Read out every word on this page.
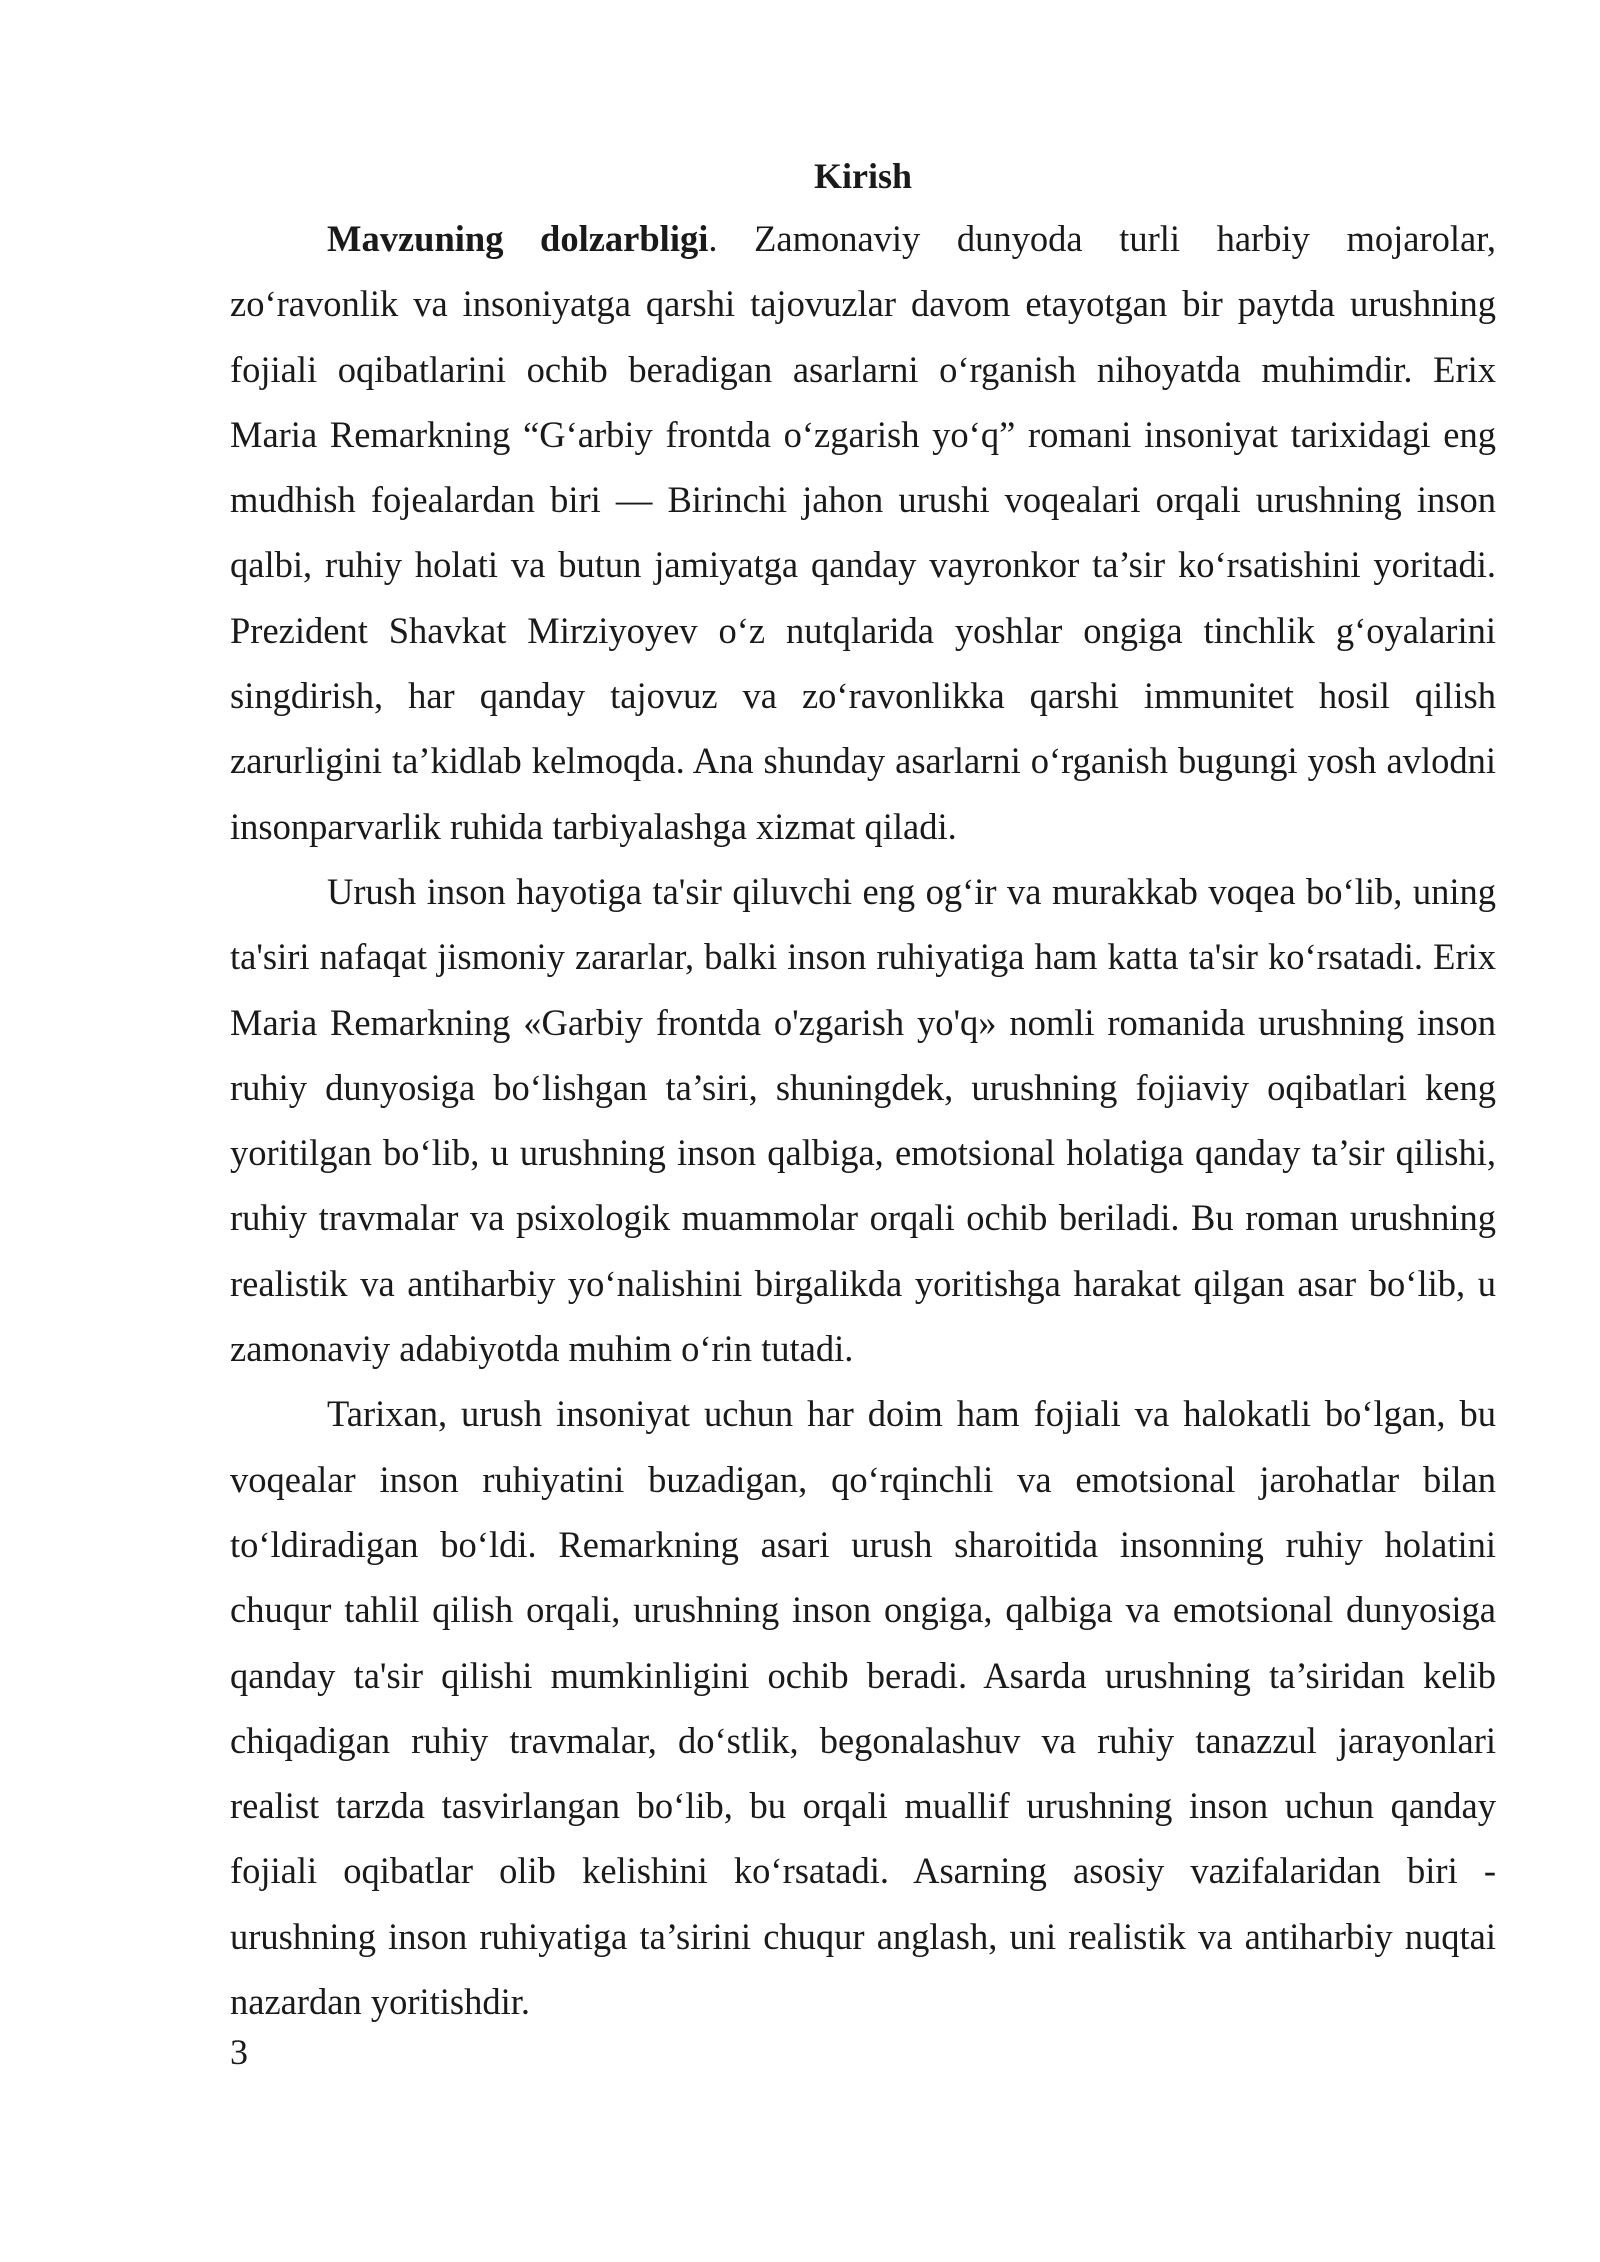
Kirish

Mavzuning dolzarbligi. Zamonaviy dunyoda turli harbiy mojarolar, zo‘ravonlik va insoniyatga qarshi tajovuzlar davom etayotgan bir paytda urushning fojiali oqibatlarini ochib beradigan asarlarni o‘rganish nihoyatda muhimdir. Erix Maria Remarkning “G‘arbiy frontda o‘zgarish yo‘q” romani insoniyat tarixidagi eng mudhish fojealardan biri — Birinchi jahon urushi voqealari orqali urushning inson qalbi, ruhiy holati va butun jamiyatga qanday vayronkor ta’sir ko‘rsatishini yoritadi. Prezident Shavkat Mirziyoyev o‘z nutqlarida yoshlar ongiga tinchlik g‘oyalarini singdirish, har qanday tajovuz va zo‘ravonlikka qarshi immunitet hosil qilish zarurligini ta’kidlab kelmoqda. Ana shunday asarlarni o‘rganish bugungi yosh avlodni insonparvarlik ruhida tarbiyalashga xizmat qiladi.

Urush inson hayotiga ta'sir qiluvchi eng og‘ir va murakkab voqea bo‘lib, uning ta'siri nafaqat jismoniy zararlar, balki inson ruhiyatiga ham katta ta'sir ko‘rsatadi. Erix Maria Remarkning «Garbiy frontda o'zgarish yo'q» nomli romanida urushning inson ruhiy dunyosiga bo‘lishgan ta’siri, shuningdek, urushning fojiaviy oqibatlari keng yoritilgan bo‘lib, u urushning inson qalbiga, emotsional holatiga qanday ta’sir qilishi, ruhiy travmalar va psixologik muammolar orqali ochib beriladi. Bu roman urushning realistik va antiharbiy yo‘nalishini birgalikda yoritishga harakat qilgan asar bo‘lib, u zamonaviy adabiyotda muhim o‘rin tutadi.

Tarixan, urush insoniyat uchun har doim ham fojiali va halokatli bo‘lgan, bu voqealar inson ruhiyatini buzadigan, qo‘rqinchli va emotsional jarohatlar bilan to‘ldiradigan bo‘ldi. Remarkning asari urush sharoitida insonning ruhiy holatini chuqur tahlil qilish orqali, urushning inson ongiga, qalbiga va emotsional dunyosiga qanday ta'sir qilishi mumkinligini ochib beradi. Asarda urushning ta’siridan kelib chiqadigan ruhiy travmalar, do‘stlik, begonalashuv va ruhiy tanazzul jarayonlari realist tarzda tasvirlangan bo‘lib, bu orqali muallif urushning inson uchun qanday fojiali oqibatlar olib kelishini ko‘rsatadi. Asarning asosiy vazifalaridan biri - urushning inson ruhiyatiga ta’sirini chuqur anglash, uni realistik va antiharbiy nuqtai nazardan yoritishdir.

3
